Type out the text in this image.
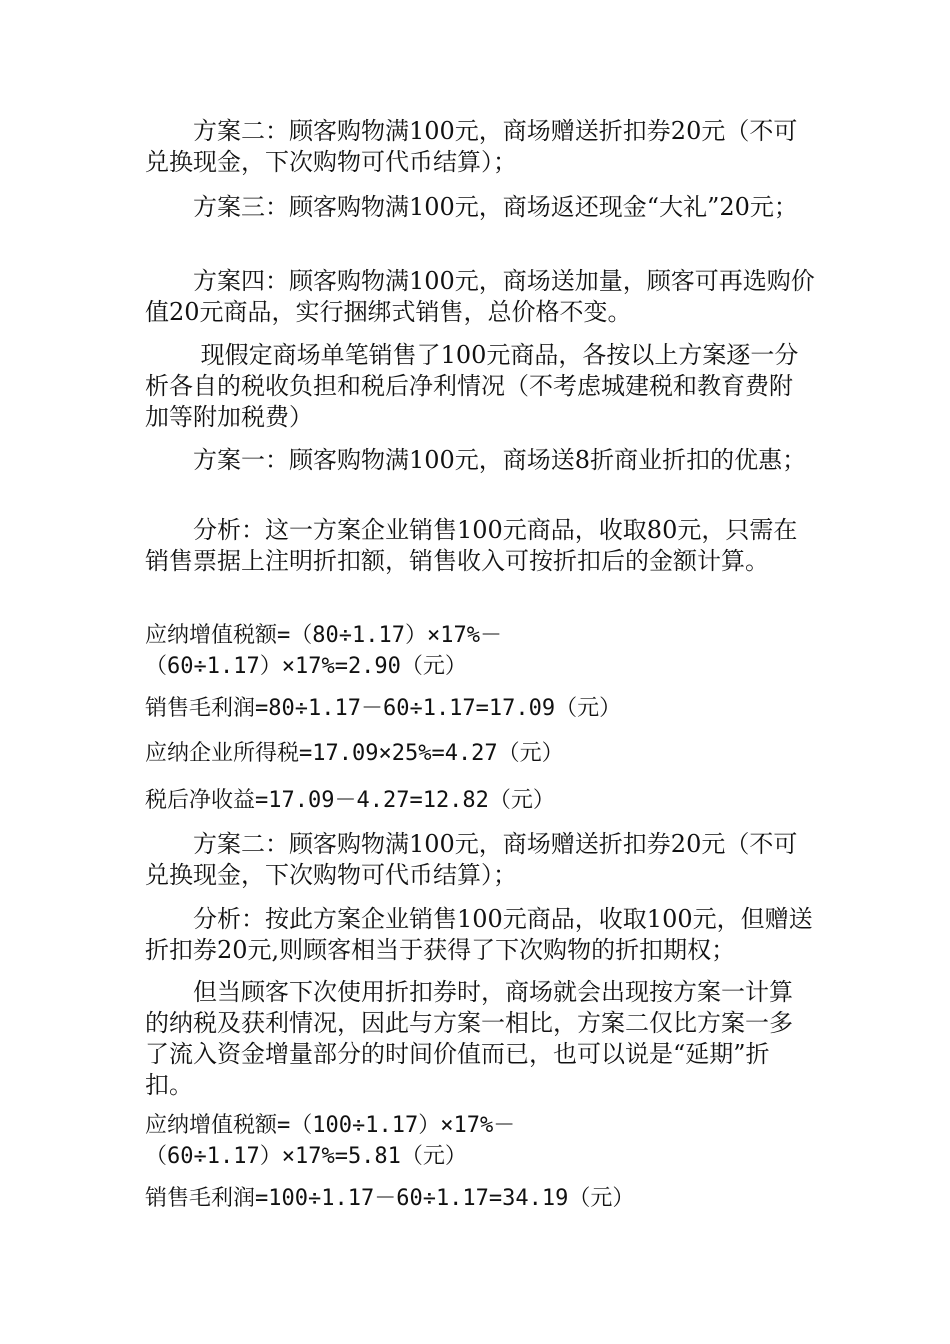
　　方案二：顾客购物满100元，商场赠送折扣券20元（不可兑换现金，下次购物可代币结算）；

　　方案三：顾客购物满100元，商场返还现金“大礼”20元；

　　方案四：顾客购物满100元，商场送加量，顾客可再选购价值20元商品，实行捆绑式销售，总价格不变。

　　 现假定商场单笔销售了100元商品，各按以上方案逐一分析各自的税收负担和税后净利情况（不考虑城建税和教育费附加等附加税费）

　　方案一：顾客购物满100元，商场送8折商业折扣的优惠；

　　分析：这一方案企业销售100元商品，收取80元，只需在销售票据上注明折扣额，销售收入可按折扣后的金额计算。

应纳增值税额=（80÷1.17）×17%－
（60÷1.17）×17%=2.90（元）

销售毛利润=80÷1.17－60÷1.17=17.09（元）

应纳企业所得税=17.09×25%=4.27（元）

税后净收益=17.09－4.27=12.82（元）

　　方案二：顾客购物满100元，商场赠送折扣券20元（不可兑换现金，下次购物可代币结算）；

　　分析：按此方案企业销售100元商品，收取100元，但赠送折扣券20元,则顾客相当于获得了下次购物的折扣期权；

　　但当顾客下次使用折扣券时，商场就会出现按方案一计算的纳税及获利情况，因此与方案一相比，方案二仅比方案一多了流入资金增量部分的时间价值而已，也可以说是“延期”折扣。

应纳增值税额=（100÷1.17）×17%－
（60÷1.17）×17%=5.81（元）

销售毛利润=100÷1.17－60÷1.17=34.19（元）
